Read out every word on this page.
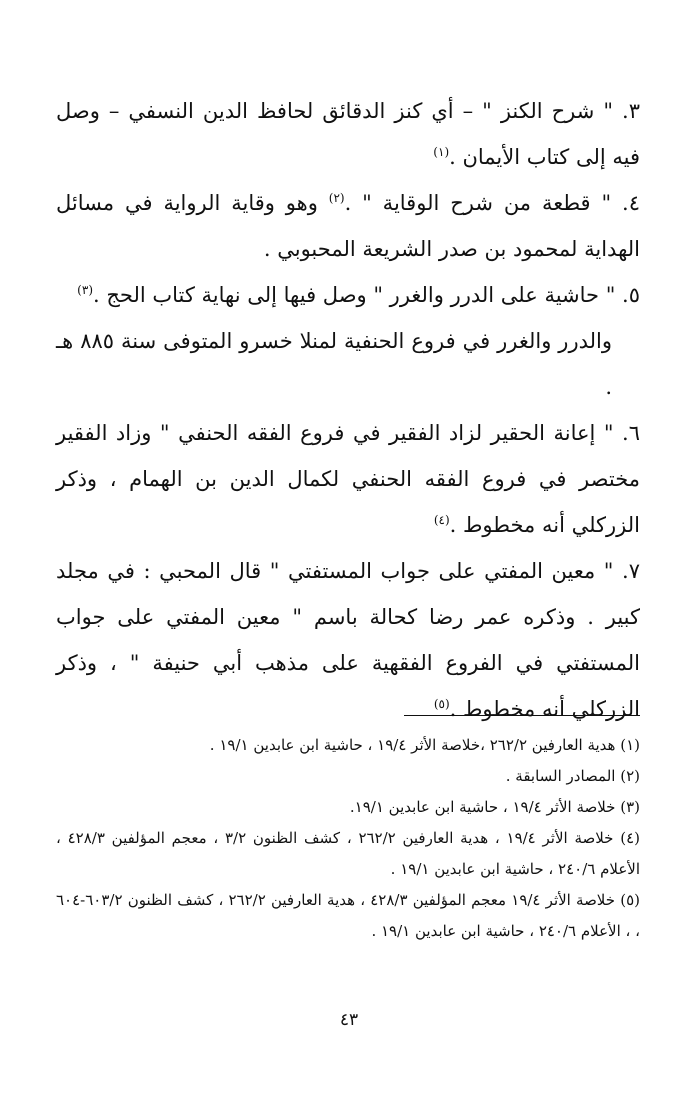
٣. " شرح الكنز " – أي كنز الدقائق لحافظ الدين النسفي – وصل فيه إلى كتاب الأيمان .$^{(١)}$

٤. " قطعة من شرح الوقاية " .$^{(٢)}$ وهو وقاية الرواية في مسائل الهداية لمحمود بن صدر الشريعة المحبوبي .

٥. " حاشية على الدرر والغرر " وصل فيها إلى نهاية كتاب الحج .$^{(٣)}$

والدرر والغرر في فروع الحنفية لمنلا خسرو المتوفى سنة ٨٨٥ هـ .

٦. " إعانة الحقير لزاد الفقير في فروع الفقه الحنفي " وزاد الفقير مختصر في فروع الفقه الحنفي لكمال الدين بن الهمام ، وذكر الزركلي أنه مخطوط .$^{(٤)}$

٧. " معين المفتي على جواب المستفتي " قال المحبي : في مجلد كبير . وذكره عمر رضا كحالة باسم " معين المفتي على جواب المستفتي في الفروع الفقهية على مذهب أبي حنيفة " ، وذكر الزركلي أنه مخطوط .$^{(٥)}$

(١) هدية العارفين ٢٦٢/٢ ،خلاصة الأثر ١٩/٤ ، حاشية ابن عابدين ١٩/١ .

(٢) المصادر السابقة .

(٣) خلاصة الأثر ١٩/٤ ، حاشية ابن عابدين ١٩/١.

(٤) خلاصة الأثر ١٩/٤ ، هدية العارفين ٢٦٢/٢ ، كشف الظنون ٣/٢ ، معجم المؤلفين ٤٢٨/٣ ، الأعلام ٢٤٠/٦ ، حاشية ابن عابدين ١٩/١ .

(٥) خلاصة الأثر ١٩/٤ معجم المؤلفين ٤٢٨/٣ ، هدية العارفين ٢٦٢/٢ ، كشف الظنون ٦٠٣/٢-٦٠٤ ، ، الأعلام ٢٤٠/٦ ، حاشية ابن عابدين ١٩/١ .

٤٣
